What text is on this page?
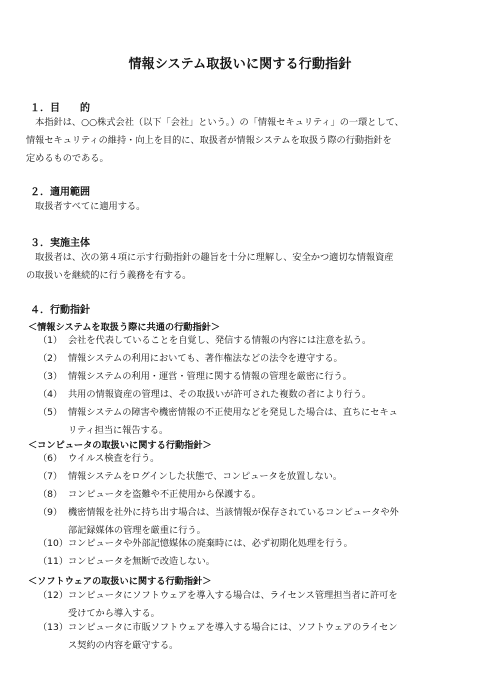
情報システム取扱いに関する行動指針
１．目　　的
　本指針は、○○株式会社（以下「会社」という。）の「情報セキュリティ」の一環として、
情報セキュリティの維持・向上を目的に、取扱者が情報システムを取扱う際の行動指針を
定めるものである。
２．適用範囲
　取扱者すべてに適用する。
３．実施主体
　取扱者は、次の第４項に示す行動指針の趣旨を十分に理解し、安全かつ適切な情報資産
の取扱いを継続的に行う義務を有する。
４．行動指針
＜情報システムを取扱う際に共通の行動指針＞
（1） 会社を代表していることを自覚し、発信する情報の内容には注意を払う。
（2） 情報システムの利用においても、著作権法などの法令を遵守する。
（3） 情報システムの利用・運営・管理に関する情報の管理を厳密に行う。
（4） 共用の情報資産の管理は、その取扱いが許可された複数の者により行う。
（5） 情報システムの障害や機密情報の不正使用などを発見した場合は、直ちにセキュ
リティ担当に報告する。
＜コンピュータの取扱いに関する行動指針＞
（6） ウイルス検査を行う。
（7） 情報システムをログインした状態で、コンピュータを放置しない。
（8） コンピュータを盗難や不正使用から保護する。
（9） 機密情報を社外に持ち出す場合は、当該情報が保存されているコンピュータや外
部記録媒体の管理を厳重に行う。
（10）コンピュータや外部記憶媒体の廃棄時には、必ず初期化処理を行う。
（11）コンピュータを無断で改造しない。
＜ソフトウェアの取扱いに関する行動指針＞
（12）コンピュータにソフトウェアを導入する場合は、ライセンス管理担当者に許可を
受けてから導入する。
（13）コンピュータに市販ソフトウェアを導入する場合には、ソフトウェアのライセン
ス契約の内容を厳守する。
